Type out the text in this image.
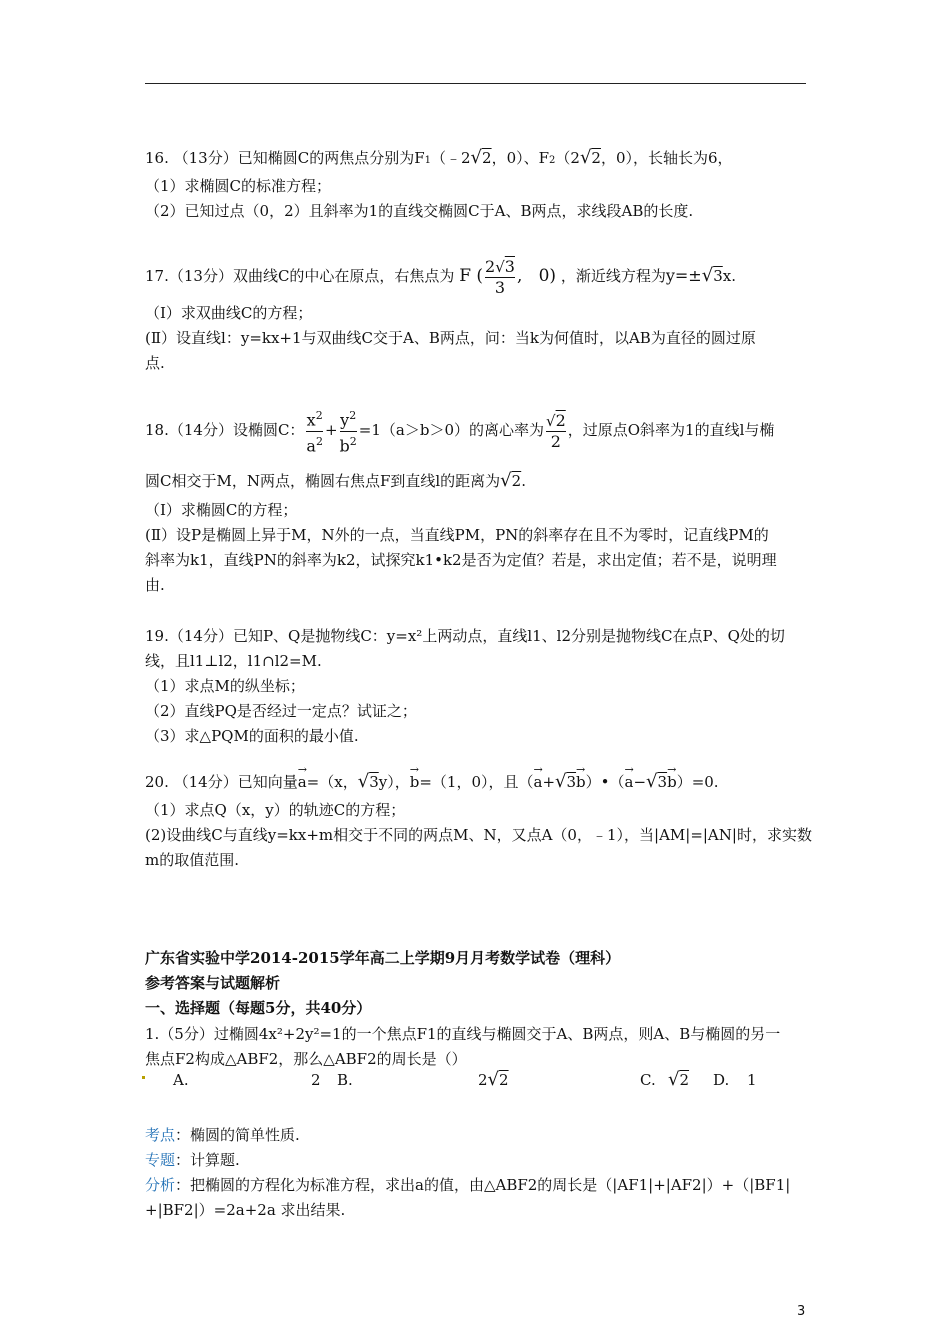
16. （13分）已知椭圆C的两焦点分别为F1（﹣2√2，0）、F2（2√2，0），长轴长为6，
（1）求椭圆C的标准方程；
（2）已知过点（0，2）且斜率为1的直线交椭圆C于A、B两点，求线段AB的长度.
17.（13分）双曲线C的中心在原点，右焦点为 F ( $\frac{2√3}{3}$ ,   0) ，渐近线方程为y=±√3x.
（Ⅰ）求双曲线C的方程；
(Ⅱ）设直线l：y=kx+1与双曲线C交于A、B两点，问：当k为何值时，以AB为直径的圆过原
点.
18.（14分）设椭圆C： $\frac{x^2}{a^2} + \frac{y^2}{b^2} =1(a>b>0)$的离心率为 $\frac{√2}{2}$ ，过原点O斜率为1的直线l与椭
圆C相交于M，N两点，椭圆右焦点F到直线l的距离为√2.
（Ⅰ）求椭圆C的方程；
(Ⅱ）设P是椭圆上异于M，N外的一点，当直线PM，PN的斜率存在且不为零时，记直线PM的
斜率为k1，直线PN的斜率为k2，试探究k1•k2是否为定值？若是，求出定值；若不是，说明理
由.
19.（14分）已知P、Q是抛物线C：y=x²上两动点，直线l1、l2分别是抛物线C在点P、Q处的切
线，且l1⊥l2，l1∩l2=M.
（1）求点M的纵坐标；
（2）直线PQ是否经过一定点？试证之；
（3）求△PQM的面积的最小值.
20. （14分）已知向量→ a=（x，√3y），→ b=（1，0），且（→ a+√3→ b）•（→ a−√3→ b）=0.
（1）求点Q（x，y）的轨迹C的方程；
(2)设曲线C与直线y=kx+m相交于不同的两点M、N，又点A（0，﹣1），当|AM|=|AN|时，求实数
m的取值范围.
广东省实验中学2014-2015学年高二上学期9月月考数学试卷（理科）
参考答案与试题解析
一、选择题（每题5分，共40分）
1.（5分）过椭圆4x²+2y²=1的一个焦点F1的直线与椭圆交于A、B两点，则A、B与椭圆的另一
焦点F2构成△ABF2，那么△ABF2的周长是（）
A.	2 B.	2√2	C. √2 D. 1
考点：椭圆的简单性质.
专题：计算题.
分析：把椭圆的方程化为标准方程，求出a的值，由△ABF2的周长是（|AF1|+|AF2|）+（|BF1|
+|BF2|）=2a+2a 求出结果.
3
